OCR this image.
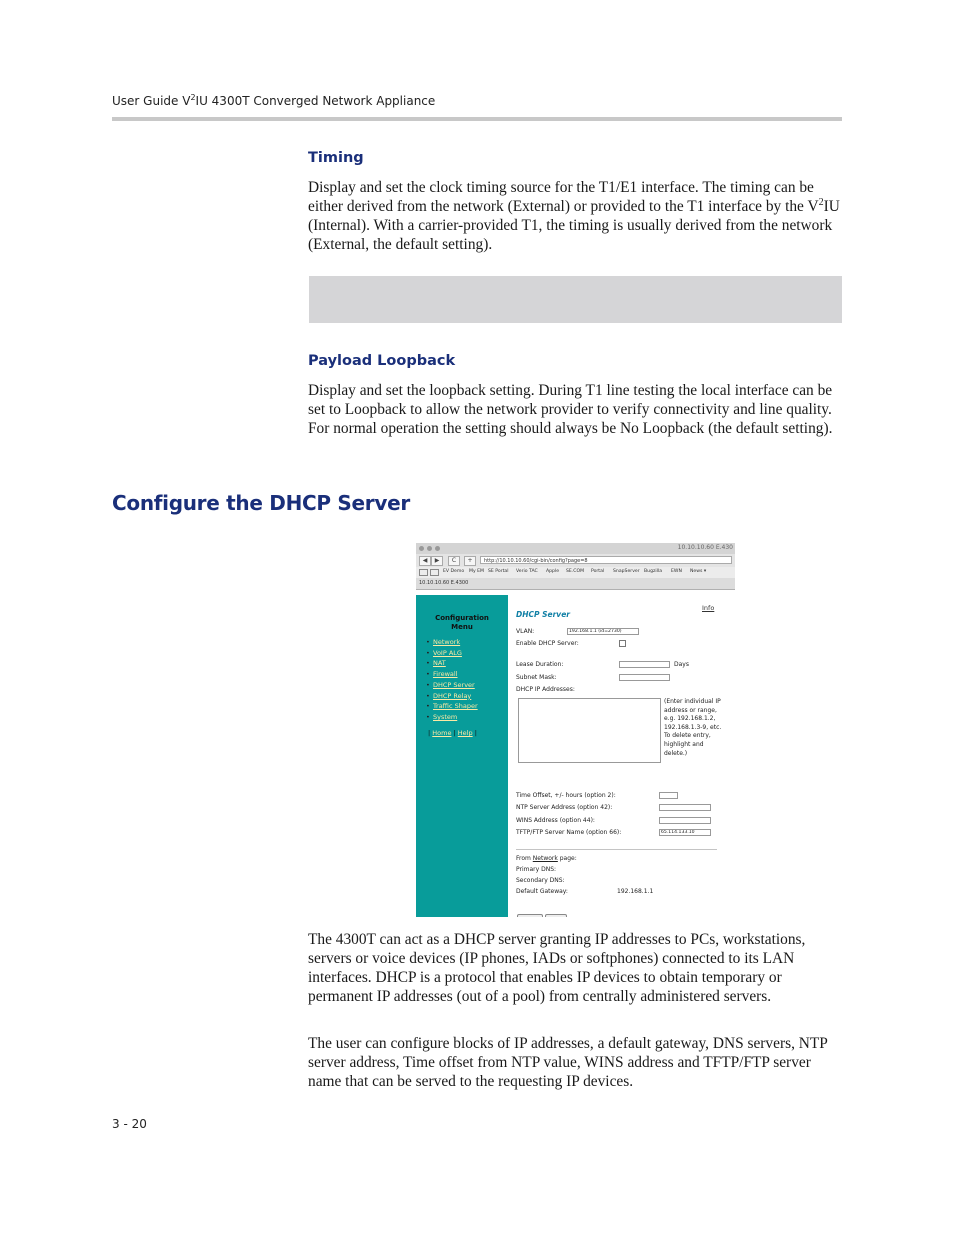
User Guide $V^2IU$ 4300T Converged Network Appliance
Timing
Display and set the clock timing source for the T1/E1 interface. The timing can be either derived from the network (External) or provided to the T1 interface by the $V^2IU$ (Internal). With a carrier-provided T1, the timing is usually derived from the network (External, the default setting).
Payload Loopback
Display and set the loopback setting. During T1 line testing the local interface can be set to Loopback to allow the network provider to verify connectivity and line quality. For normal operation the setting should always be No Loopback (the default setting).
Configure the DHCP Server
10.10.10.60 E.430
◀	▶	C	+	http://10.10.10.60/cgi-bin/config?page=8
EV Demo My EM SE Portal Verio TAC Apple SE.COM Portal SnapServer Bugzilla EWN News ▾
10.10.10.60 E.4300
Configuration
Menu
• Network
• VoIP ALG
• NAT
• Firewall
• DHCP Server
• DHCP Relay
• Traffic Shaper
• System
| Home | Help |
DHCP Server
Info
VLAN:	192.168.1.1 (id=2730)
Enable DHCP Server:
Lease Duration:	Days
Subnet Mask:
DHCP IP Addresses:
(Enter individual IP address or range, e.g. 192.168.1.2, 192.168.1.3-9, etc. To delete entry, highlight and delete.)
Time Offset, +/- hours (option 2):
NTP Server Address (option 42):
WINS Address (option 44):
TFTP/FTP Server Name (option 66):	65.114.133.10
From Network page:
Primary DNS:
Secondary DNS:
Default Gateway:	192.168.1.1
The 4300T can act as a DHCP server granting IP addresses to PCs, workstations, servers or voice devices (IP phones, IADs or softphones) connected to its LAN interfaces. DHCP is a protocol that enables IP devices to obtain temporary or permanent IP addresses (out of a pool) from centrally administered servers.
The user can configure blocks of IP addresses, a default gateway, DNS servers, NTP server address, Time offset from NTP value, WINS address and TFTP/FTP server name that can be served to the requesting IP devices.
3 - 20
